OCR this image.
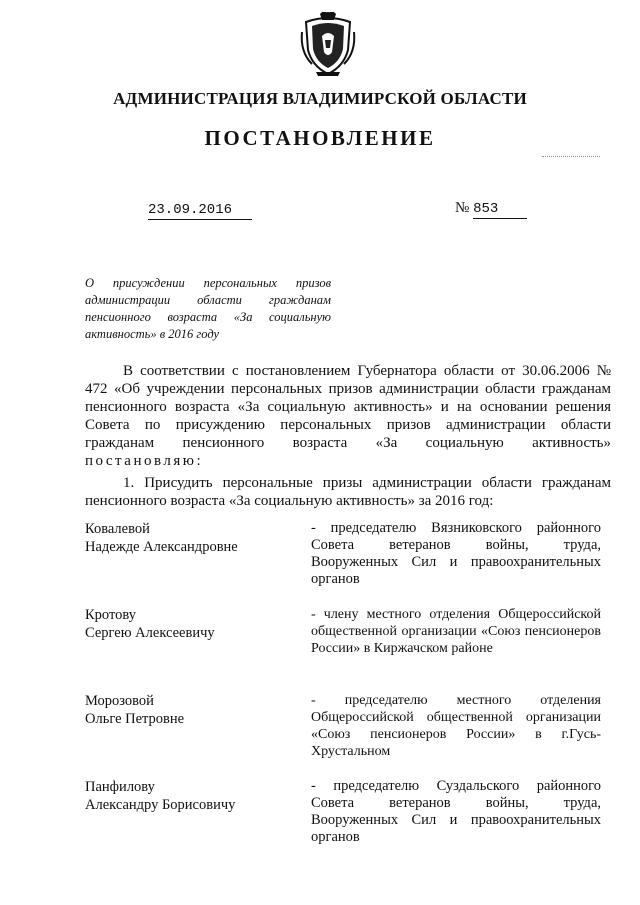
АДМИНИСТРАЦИЯ ВЛАДИМИРСКОЙ ОБЛАСТИ
ПОСТАНОВЛЕНИЕ
23.09.2016	№ 853
О присуждении персональных призов
администрации области гражданам
пенсионного возраста «За социальную
активность» в 2016 году
В соответствии с постановлением Губернатора области от 30.06.2006 №
472 «Об учреждении персональных призов администрации области гражданам
пенсионного возраста «За социальную активность» и на основании решения
Совета по присуждению персональных призов администрации области
гражданам пенсионного возраста «За социальную активность»
постановляю:
1. Присудить персональные призы администрации области гражданам
пенсионного возраста «За социальную активность» за 2016 год:
Ковалевой
Надежде Александровне
- председателю Вязниковского районного
Совета ветеранов войны, труда,
Вооруженных Сил и правоохранительных
органов
Кротову
Сергею Алексеевичу
- члену местного отделения Общероссийской
общественной организации «Союз пенсионеров
России» в Киржачском районе
Морозовой
Ольге Петровне
- председателю местного отделения
Общероссийской общественной организации
«Союз пенсионеров России» в г.Гусь-
Хрустальном
Панфилову
Александру Борисовичу
- председателю Суздальского районного
Совета ветеранов войны, труда,
Вооруженных Сил и правоохранительных
органов
